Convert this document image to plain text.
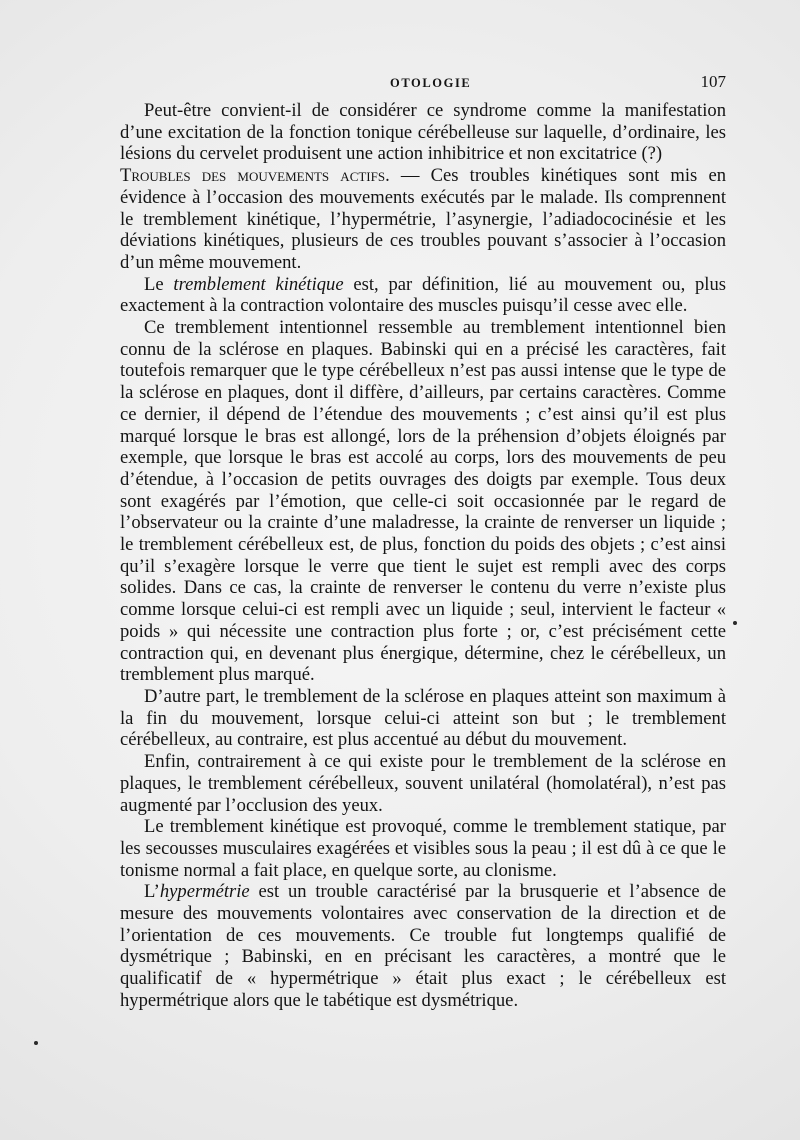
OTOLOGIE	107

Peut-être convient-il de considérer ce syndrome comme la manifestation d’une excitation de la fonction tonique cérébelleuse sur laquelle, d’ordinaire, les lésions du cervelet produisent une action inhibitrice et non excitatrice (?)

Troubles des mouvements actifs. — Ces troubles kinétiques sont mis en évidence à l’occasion des mouvements exécutés par le malade. Ils comprennent le tremblement kinétique, l’hypermétrie, l’asynergie, l’adiadococinésie et les déviations kinétiques, plusieurs de ces troubles pouvant s’associer à l’occasion d’un même mouvement.

Le tremblement kinétique est, par définition, lié au mouvement ou, plus exactement à la contraction volontaire des muscles puisqu’il cesse avec elle.

Ce tremblement intentionnel ressemble au tremblement intentionnel bien connu de la sclérose en plaques. Babinski qui en a précisé les caractères, fait toutefois remarquer que le type cérébelleux n’est pas aussi intense que le type de la sclérose en plaques, dont il diffère, d’ailleurs, par certains caractères. Comme ce dernier, il dépend de l’étendue des mouvements ; c’est ainsi qu’il est plus marqué lorsque le bras est allongé, lors de la préhension d’objets éloignés par exemple, que lorsque le bras est accolé au corps, lors des mouvements de peu d’étendue, à l’occasion de petits ouvrages des doigts par exemple. Tous deux sont exagérés par l’émotion, que celle-ci soit occasionnée par le regard de l’observateur ou la crainte d’une maladresse, la crainte de renverser un liquide ; le tremblement cérébelleux est, de plus, fonction du poids des objets ; c’est ainsi qu’il s’exagère lorsque le verre que tient le sujet est rempli avec des corps solides. Dans ce cas, la crainte de renverser le contenu du verre n’existe plus comme lorsque celui-ci est rempli avec un liquide ; seul, intervient le facteur « poids » qui nécessite une contraction plus forte ; or, c’est précisément cette contraction qui, en devenant plus énergique, détermine, chez le cérébelleux, un tremblement plus marqué.

D’autre part, le tremblement de la sclérose en plaques atteint son maximum à la fin du mouvement, lorsque celui-ci atteint son but ; le tremblement cérébelleux, au contraire, est plus accentué au début du mouvement.

Enfin, contrairement à ce qui existe pour le tremblement de la sclérose en plaques, le tremblement cérébelleux, souvent unilatéral (homolatéral), n’est pas augmenté par l’occlusion des yeux.

Le tremblement kinétique est provoqué, comme le tremblement statique, par les secousses musculaires exagérées et visibles sous la peau ; il est dû à ce que le tonisme normal a fait place, en quelque sorte, au clonisme.

L’hypermétrie est un trouble caractérisé par la brusquerie et l’absence de mesure des mouvements volontaires avec conservation de la direction et de l’orientation de ces mouvements. Ce trouble fut longtemps qualifié de dysmétrique ; Babinski, en en précisant les caractères, a montré que le qualificatif de « hypermétrique » était plus exact ; le cérébelleux est hypermétrique alors que le tabétique est dysmétrique.
